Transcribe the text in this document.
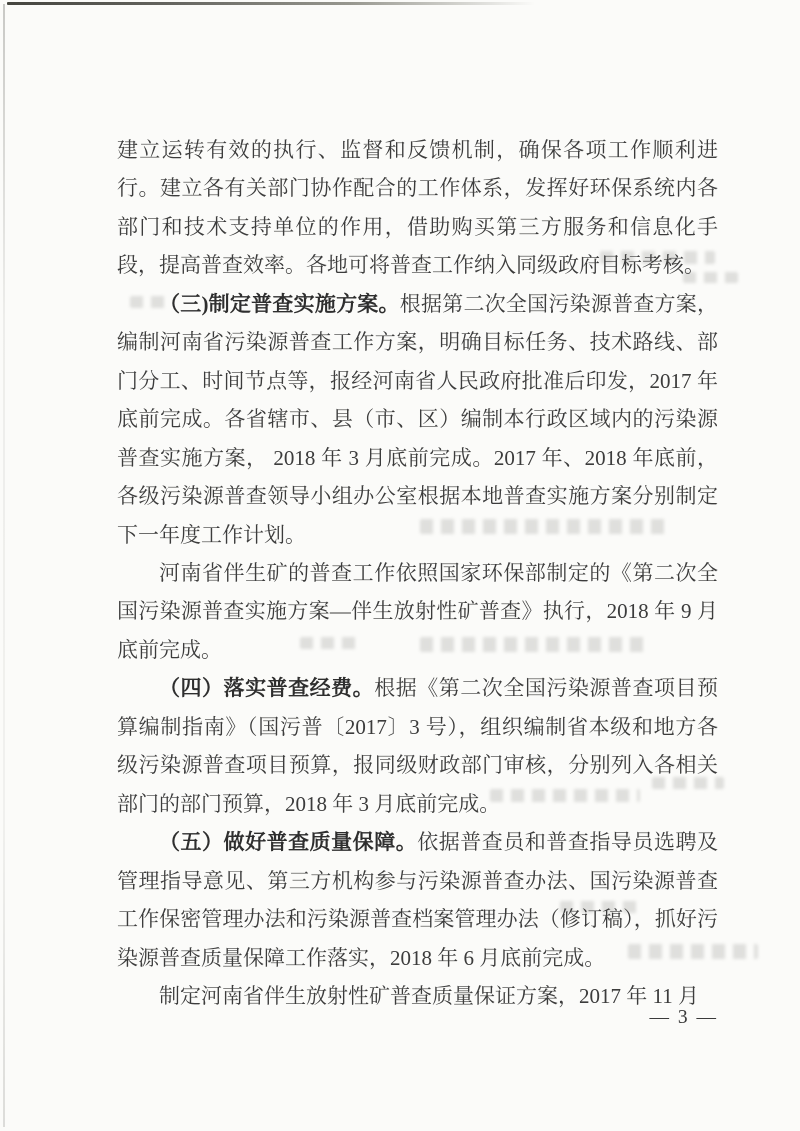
建立运转有效的执行、监督和反馈机制，确保各项工作顺利进行。建立各有关部门协作配合的工作体系，发挥好环保系统内各部门和技术支持单位的作用，借助购买第三方服务和信息化手段，提高普查效率。各地可将普查工作纳入同级政府目标考核。

（三)制定普查实施方案。根据第二次全国污染源普查方案，编制河南省污染源普查工作方案，明确目标任务、技术路线、部门分工、时间节点等，报经河南省人民政府批准后印发，2017 年底前完成。各省辖市、县（市、区）编制本行政区域内的污染源普查实施方案， 2018 年 3 月底前完成。2017 年、2018 年底前，各级污染源普查领导小组办公室根据本地普查实施方案分别制定下一年度工作计划。

河南省伴生矿的普查工作依照国家环保部制定的《第二次全国污染源普查实施方案—伴生放射性矿普查》执行，2018 年 9 月底前完成。

（四）落实普查经费。根据《第二次全国污染源普查项目预算编制指南》（国污普〔2017〕3 号），组织编制省本级和地方各级污染源普查项目预算，报同级财政部门审核，分别列入各相关部门的部门预算，2018 年 3 月底前完成。

（五）做好普查质量保障。依据普查员和普查指导员选聘及管理指导意见、第三方机构参与污染源普查办法、国污染源普查工作保密管理办法和污染源普查档案管理办法（修订稿），抓好污染源普查质量保障工作落实，2018 年 6 月底前完成。

制定河南省伴生放射性矿普查质量保证方案，2017 年 11 月

— 3 —
